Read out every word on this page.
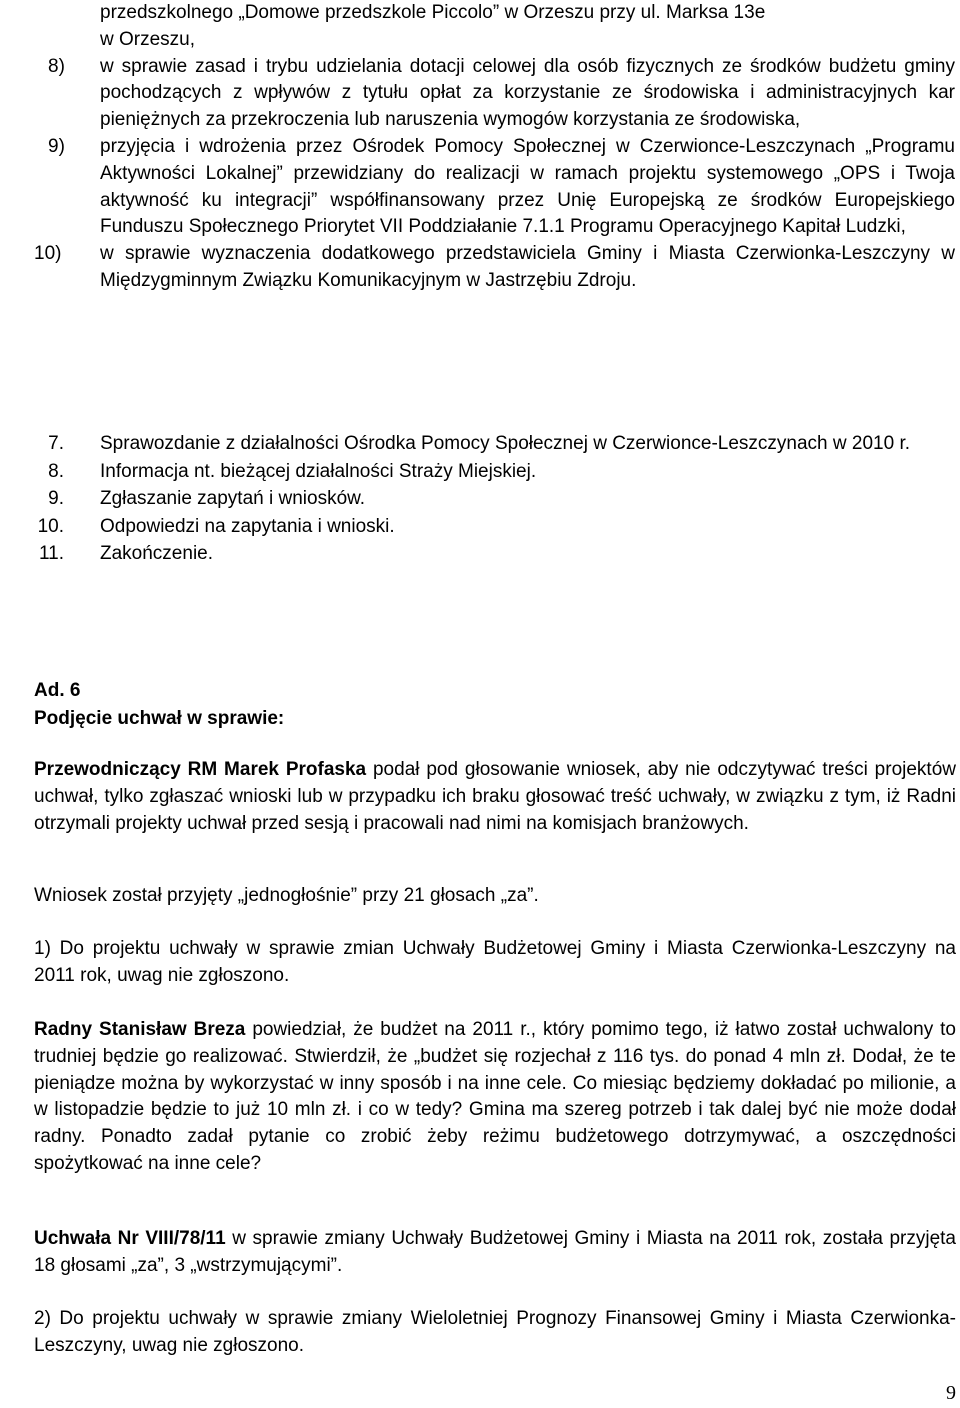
przedszkolnego „Domowe przedszkole Piccolo” w Orzeszu przy ul. Marksa 13e
w Orzeszu,
8) w sprawie zasad i trybu udzielania dotacji celowej dla osób fizycznych ze środków budżetu gminy pochodzących z wpływów z tytułu opłat za korzystanie ze środowiska i administracyjnych kar pieniężnych za przekroczenia lub naruszenia wymogów korzystania ze środowiska,
9) przyjęcia i wdrożenia przez Ośrodek Pomocy Społecznej w Czerwionce-Leszczynach „Programu Aktywności Lokalnej” przewidziany do realizacji w ramach projektu systemowego „OPS i Twoja aktywność ku integracji” współfinansowany przez Unię Europejską ze środków Europejskiego Funduszu Społecznego Priorytet VII Poddziałanie 7.1.1 Programu Operacyjnego Kapitał Ludzki,
10) w sprawie wyznaczenia dodatkowego przedstawiciela Gminy i Miasta Czerwionka-Leszczyny w Międzygminnym Związku Komunikacyjnym w Jastrzębiu Zdroju.
7.	Sprawozdanie z działalności Ośrodka Pomocy Społecznej w Czerwionce-Leszczynach w 2010 r.
8.	Informacja nt. bieżącej działalności Straży Miejskiej.
9.	Zgłaszanie zapytań i wniosków.
10.	Odpowiedzi na zapytania i wnioski.
11.	Zakończenie.
Ad. 6
Podjęcie uchwał w sprawie:

Przewodniczący RM Marek Profaska podał pod głosowanie wniosek, aby nie odczytywać treści projektów uchwał, tylko zgłaszać wnioski lub w przypadku ich braku głosować treść uchwały, w związku z tym, iż Radni otrzymali projekty uchwał przed sesją i pracowali nad nimi na komisjach branżowych.

Wniosek został przyjęty „jednogłośnie” przy 21 głosach „za”.

1) Do projektu uchwały w sprawie zmian Uchwały Budżetowej Gminy i Miasta Czerwionka-Leszczyny na 2011 rok, uwag nie zgłoszono.

Radny Stanisław Breza powiedział, że budżet na 2011 r., który pomimo tego, iż łatwo został uchwalony to trudniej będzie go realizować. Stwierdził, że „budżet się rozjechał z 116 tys. do ponad 4 mln zł. Dodał, że te pieniądze można by wykorzystać w inny sposób i na inne cele. Co miesiąc będziemy dokładać po milionie, a w listopadzie będzie to już 10 mln zł. i co w tedy? Gmina ma szereg potrzeb i tak dalej być nie może dodał radny. Ponadto zadał pytanie co zrobić żeby reżimu budżetowego dotrzymywać, a oszczędności spożytkować na inne cele?

Uchwała Nr VIII/78/11 w sprawie zmiany Uchwały Budżetowej Gminy i Miasta na 2011 rok, została przyjęta 18 głosami „za”, 3 „wstrzymującymi”.

2) Do projektu uchwały w sprawie zmiany Wieloletniej Prognozy Finansowej Gminy i Miasta Czerwionka-Leszczyny, uwag nie zgłoszono.

9
